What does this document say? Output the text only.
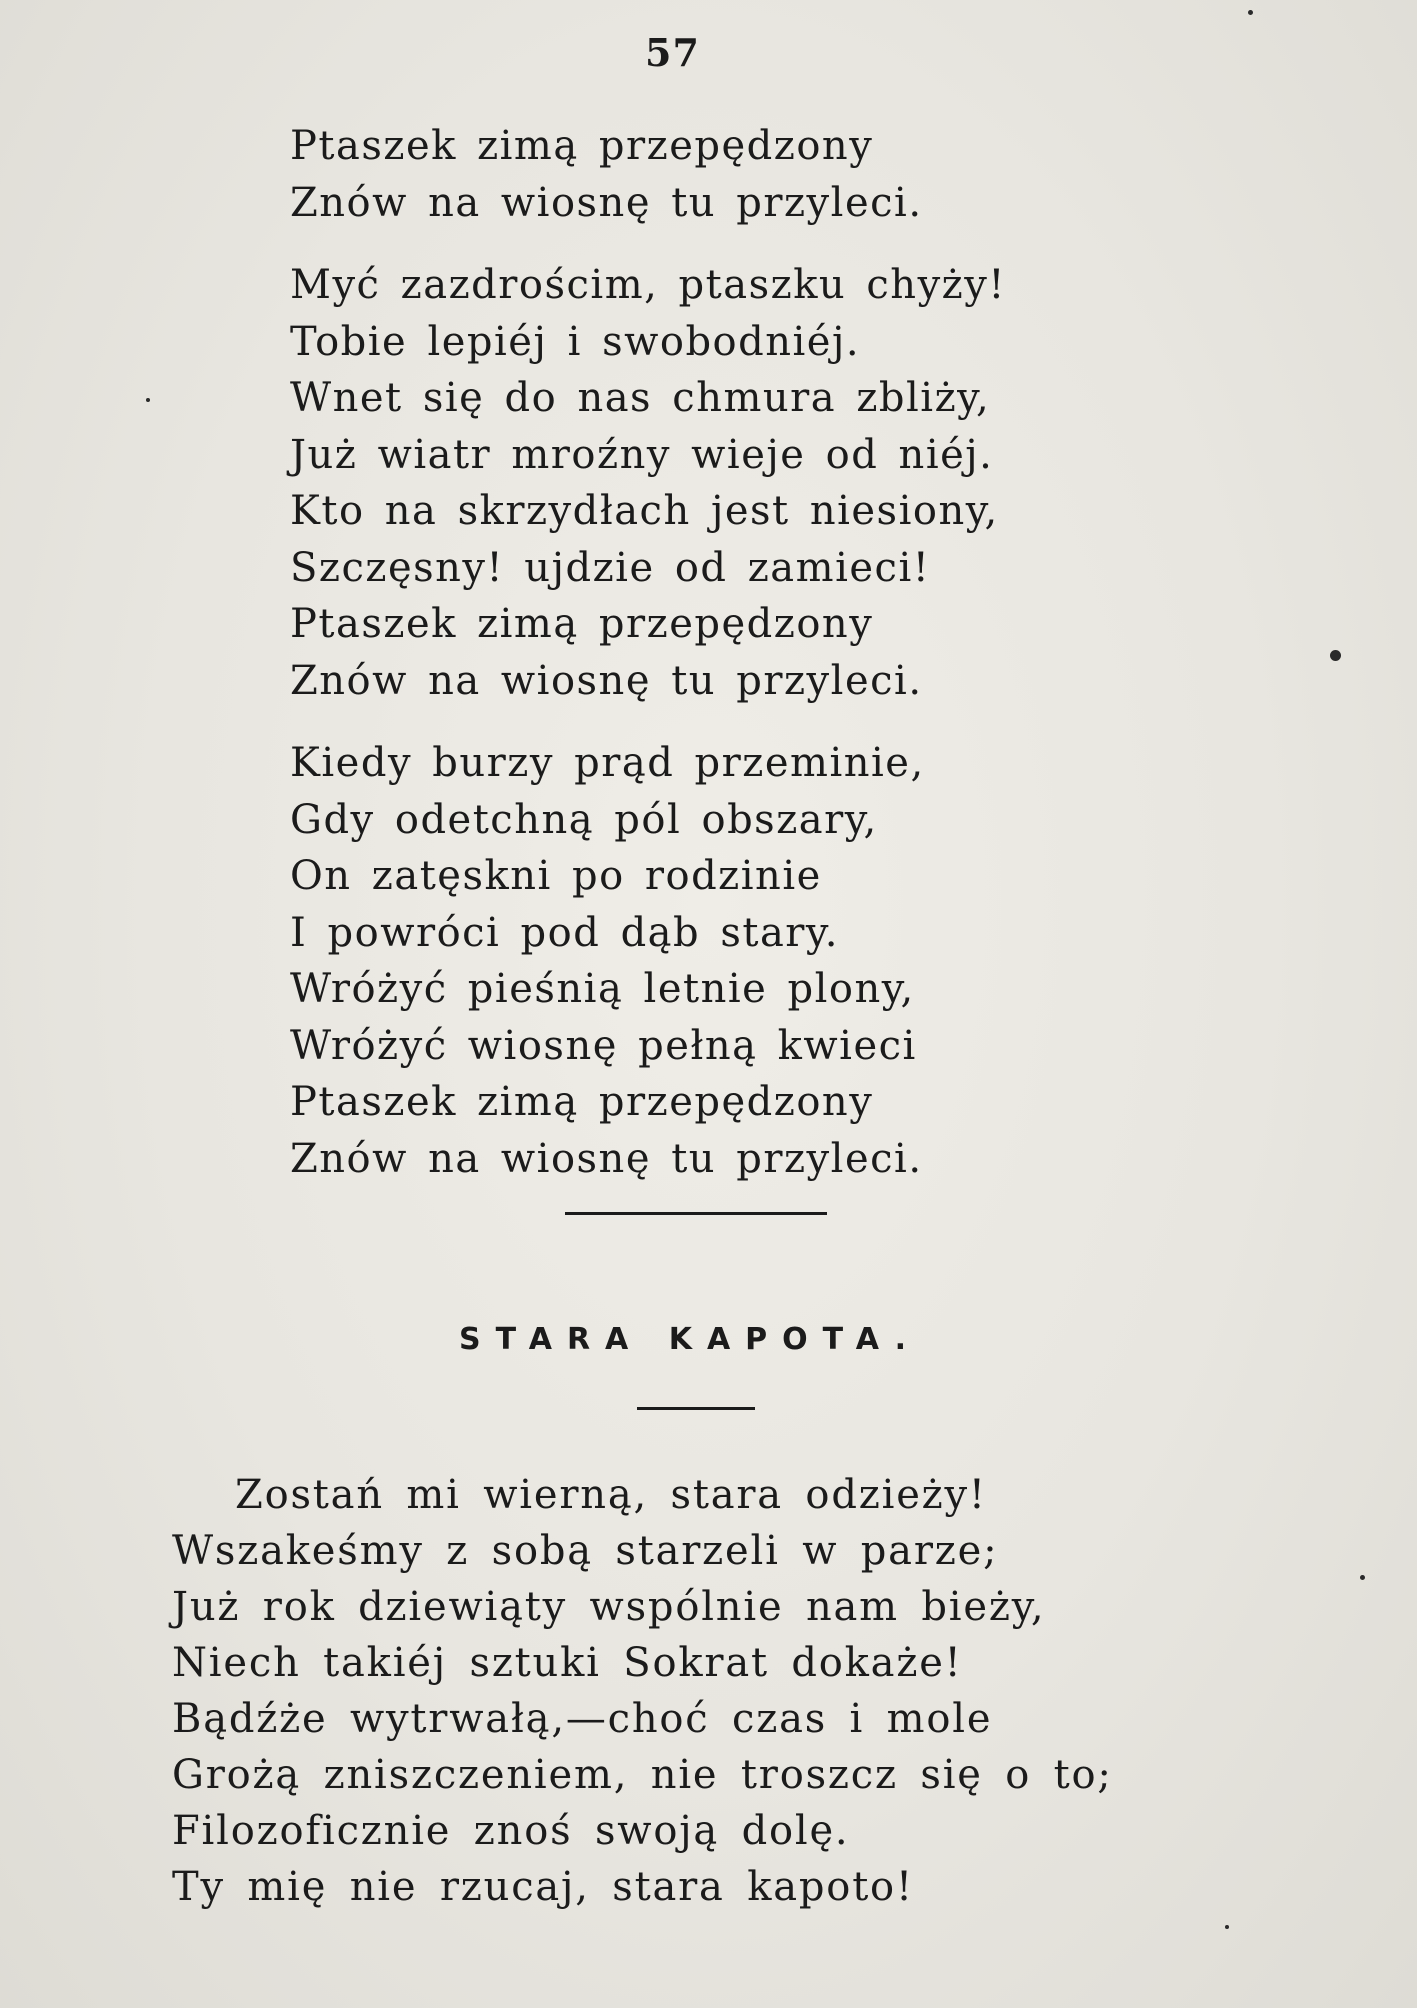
57
Ptaszek zimą przepędzony
Znów na wiosnę tu przyleci.
Myć zazdrościm, ptaszku chyży!
Tobie lepiéj i swobodniéj.
Wnet się do nas chmura zbliży,
Już wiatr mroźny wieje od niéj.
Kto na skrzydłach jest niesiony,
Szczęsny! ujdzie od zamieci!
Ptaszek zimą przepędzony
Znów na wiosnę tu przyleci.
Kiedy burzy prąd przeminie,
Gdy odetchną pól obszary,
On zatęskni po rodzinie
I powróci pod dąb stary.
Wróżyć pieśnią letnie plony,
Wróżyć wiosnę pełną kwieci
Ptaszek zimą przepędzony
Znów na wiosnę tu przyleci.
STARA KAPOTA.
Zostań mi wierną, stara odzieży!
Wszakeśmy z sobą starzeli w parze;
Już rok dziewiąty wspólnie nam bieży,
Niech takiéj sztuki Sokrat dokaże!
Bądźże wytrwałą,—choć czas i mole
Grożą zniszczeniem, nie troszcz się o to;
Filozoficznie znoś swoją dolę.
Ty mię nie rzucaj, stara kapoto!
